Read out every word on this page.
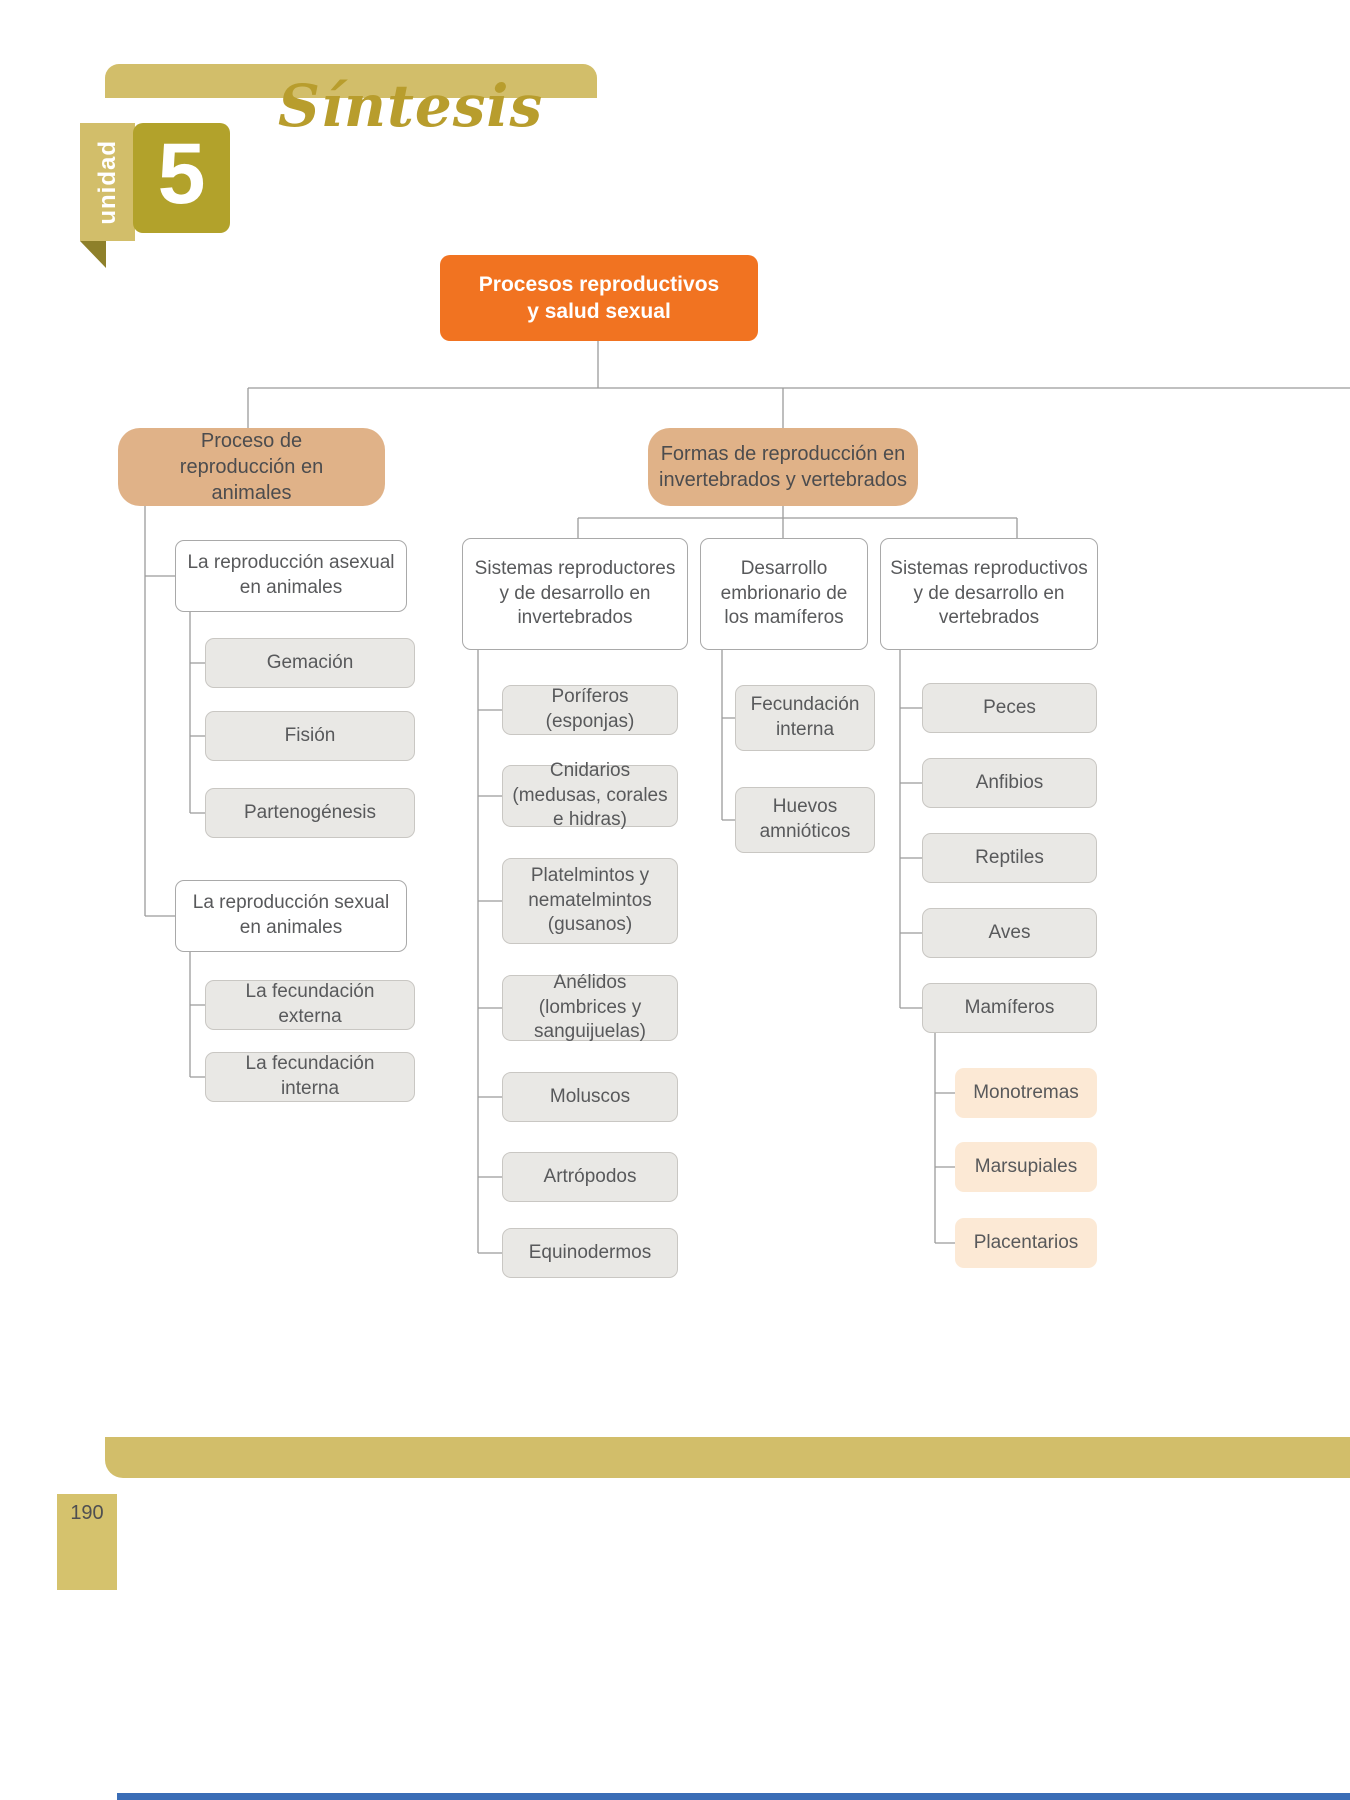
Síntesis
unidad 5
Procesos reproductivos y salud sexual
Proceso de reproducción en animales
La reproducción asexual en animales
Gemación
Fisión
Partenogénesis
La reproducción sexual en animales
La fecundación externa
La fecundación interna
Formas de reproducción en invertebrados y vertebrados
Sistemas reproductores y de desarrollo en invertebrados
Poríferos (esponjas)
Cnidarios (medusas, corales e hidras)
Platelmintos y nematelmintos (gusanos)
Anélidos (lombrices y sanguijuelas)
Moluscos
Artrópodos
Equinodermos
Desarrollo embrionario de los mamíferos
Fecundación interna
Huevos amnióticos
Sistemas reproductivos y de desarrollo en vertebrados
Peces
Anfibios
Reptiles
Aves
Mamíferos
Monotremas
Marsupiales
Placentarios
190
